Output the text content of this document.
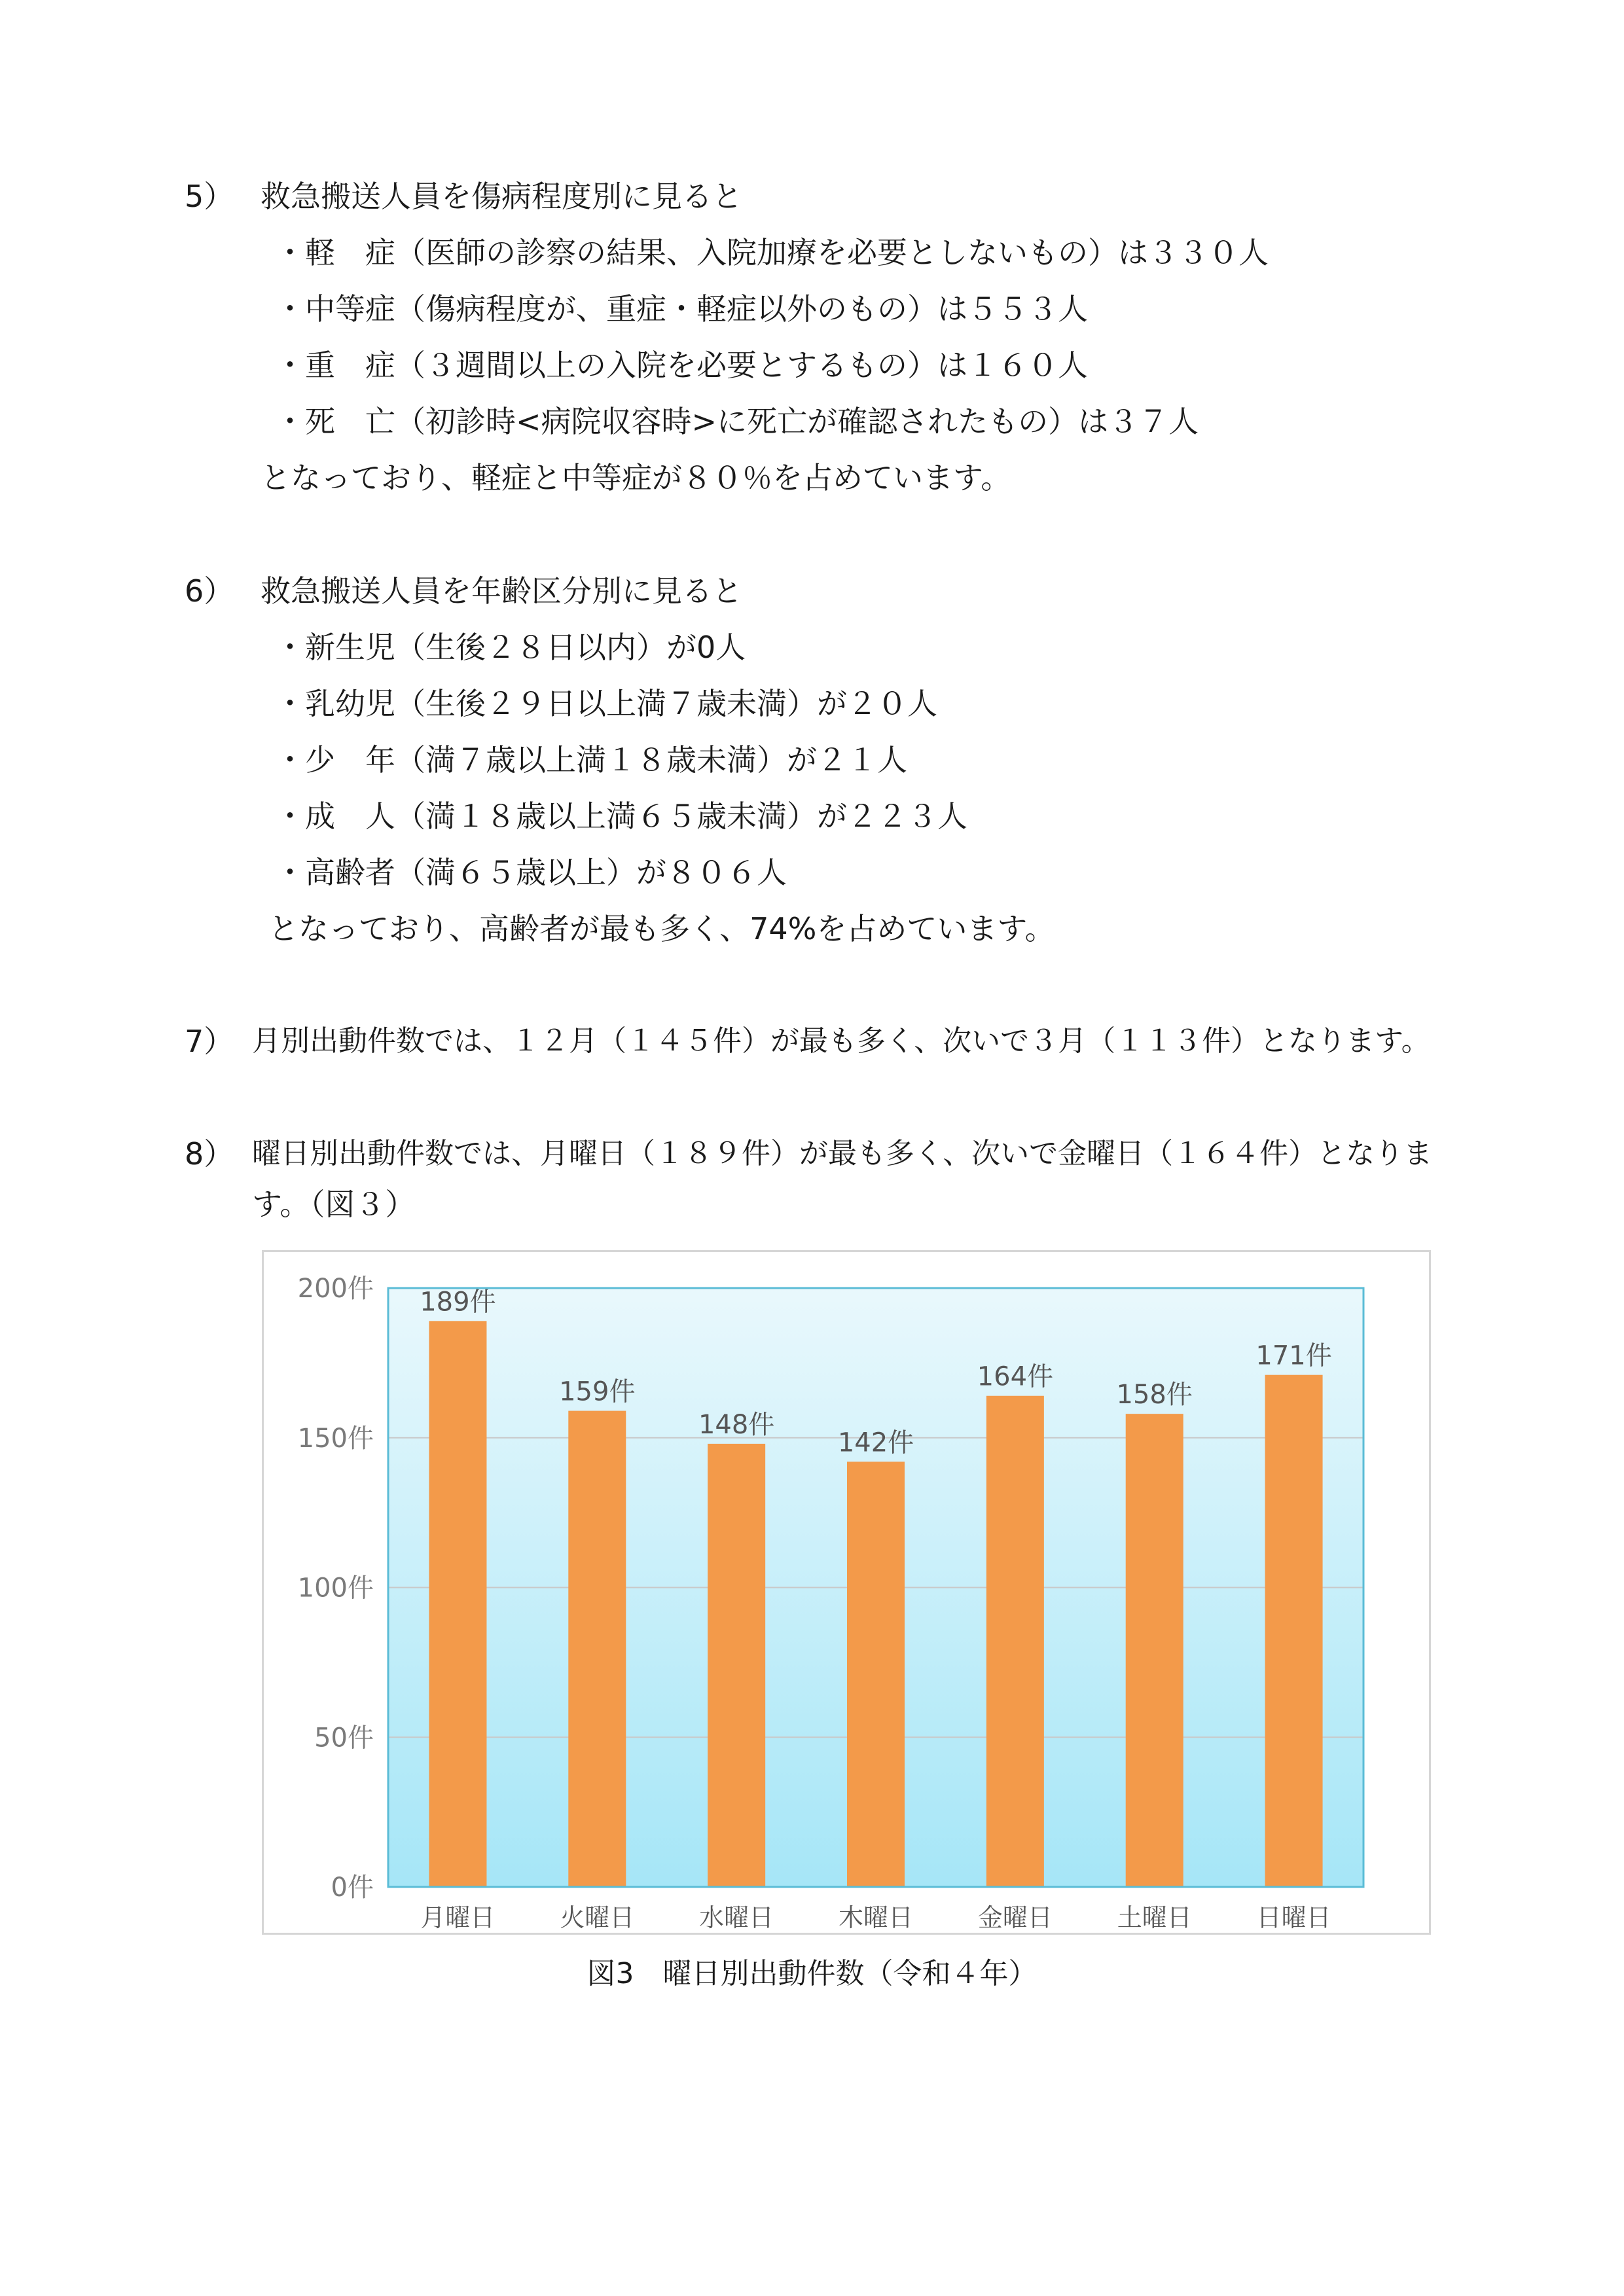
5） 救急搬送人員を傷病程度別に見ると
・軽　症（医師の診察の結果、入院加療を必要としないもの）は３３０人
・中等症（傷病程度が、重症・軽症以外のもの）は５５３人
・重　症（３週間以上の入院を必要とするもの）は１６０人
・死　亡（初診時<病院収容時>に死亡が確認されたもの）は３７人
となっており、軽症と中等症が８０％を占めています。
6） 救急搬送人員を年齢区分別に見ると
・新生児（生後２８日以内）が0人
・乳幼児（生後２９日以上満７歳未満）が２０人
・少　年（満７歳以上満１８歳未満）が２１人
・成　人（満１８歳以上満６５歳未満）が２２３人
・高齢者（満６５歳以上）が８０６人
となっており、高齢者が最も多く、74%を占めています。
7） 月別出動件数では、１２月（１４５件）が最も多く、次いで３月（１１３件）となります。
8） 曜日別出動件数では、月曜日（１８９件）が最も多く、次いで金曜日（１６４件）となりま
す。（図３）
189件
159件
148件
142件
164件
158件
171件
0件
50件
100件
150件
200件
月曜日	火曜日	水曜日	木曜日	金曜日	土曜日	日曜日
図3　曜日別出動件数（令和４年）
